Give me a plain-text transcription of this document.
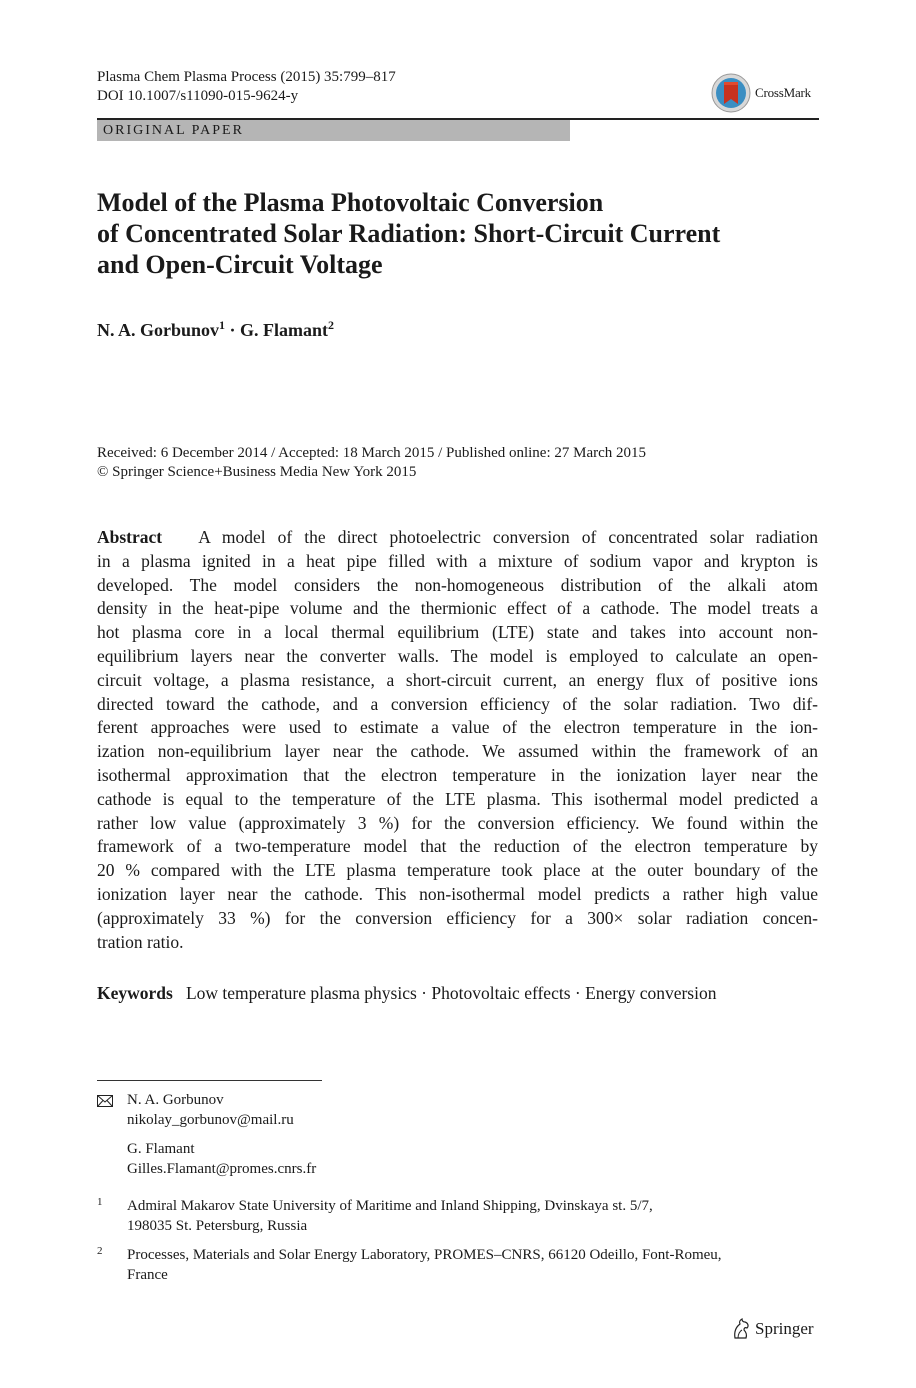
Plasma Chem Plasma Process (2015) 35:799–817
DOI 10.1007/s11090-015-9624-y	CrossMark
ORIGINAL PAPER
Model of the Plasma Photovoltaic Conversion
of Concentrated Solar Radiation: Short-Circuit Current
and Open-Circuit Voltage
N. A. Gorbunov$^1$ · G. Flamant$^2$
Received: 6 December 2014 / Accepted: 18 March 2015 / Published online: 27 March 2015
© Springer Science+Business Media New York 2015
Abstract A model of the direct photoelectric conversion of concentrated solar radiation
in a plasma ignited in a heat pipe filled with a mixture of sodium vapor and krypton is
developed. The model considers the non-homogeneous distribution of the alkali atom
density in the heat-pipe volume and the thermionic effect of a cathode. The model treats a
hot plasma core in a local thermal equilibrium (LTE) state and takes into account non-
equilibrium layers near the converter walls. The model is employed to calculate an open-
circuit voltage, a plasma resistance, a short-circuit current, an energy flux of positive ions
directed toward the cathode, and a conversion efficiency of the solar radiation. Two dif-
ferent approaches were used to estimate a value of the electron temperature in the ion-
ization non-equilibrium layer near the cathode. We assumed within the framework of an
isothermal approximation that the electron temperature in the ionization layer near the
cathode is equal to the temperature of the LTE plasma. This isothermal model predicted a
rather low value (approximately 3 %) for the conversion efficiency. We found within the
framework of a two-temperature model that the reduction of the electron temperature by
20 % compared with the LTE plasma temperature took place at the outer boundary of the
ionization layer near the cathode. This non-isothermal model predicts a rather high value
(approximately 33 %) for the conversion efficiency for a 300× solar radiation concen-
tration ratio.
Keywords Low temperature plasma physics · Photovoltaic effects · Energy conversion
N. A. Gorbunov
nikolay_gorbunov@mail.ru
G. Flamant
Gilles.Flamant@promes.cnrs.fr
1 Admiral Makarov State University of Maritime and Inland Shipping, Dvinskaya st. 5/7,
198035 St. Petersburg, Russia
2 Processes, Materials and Solar Energy Laboratory, PROMES–CNRS, 66120 Odeillo, Font-Romeu,
France
Springer
